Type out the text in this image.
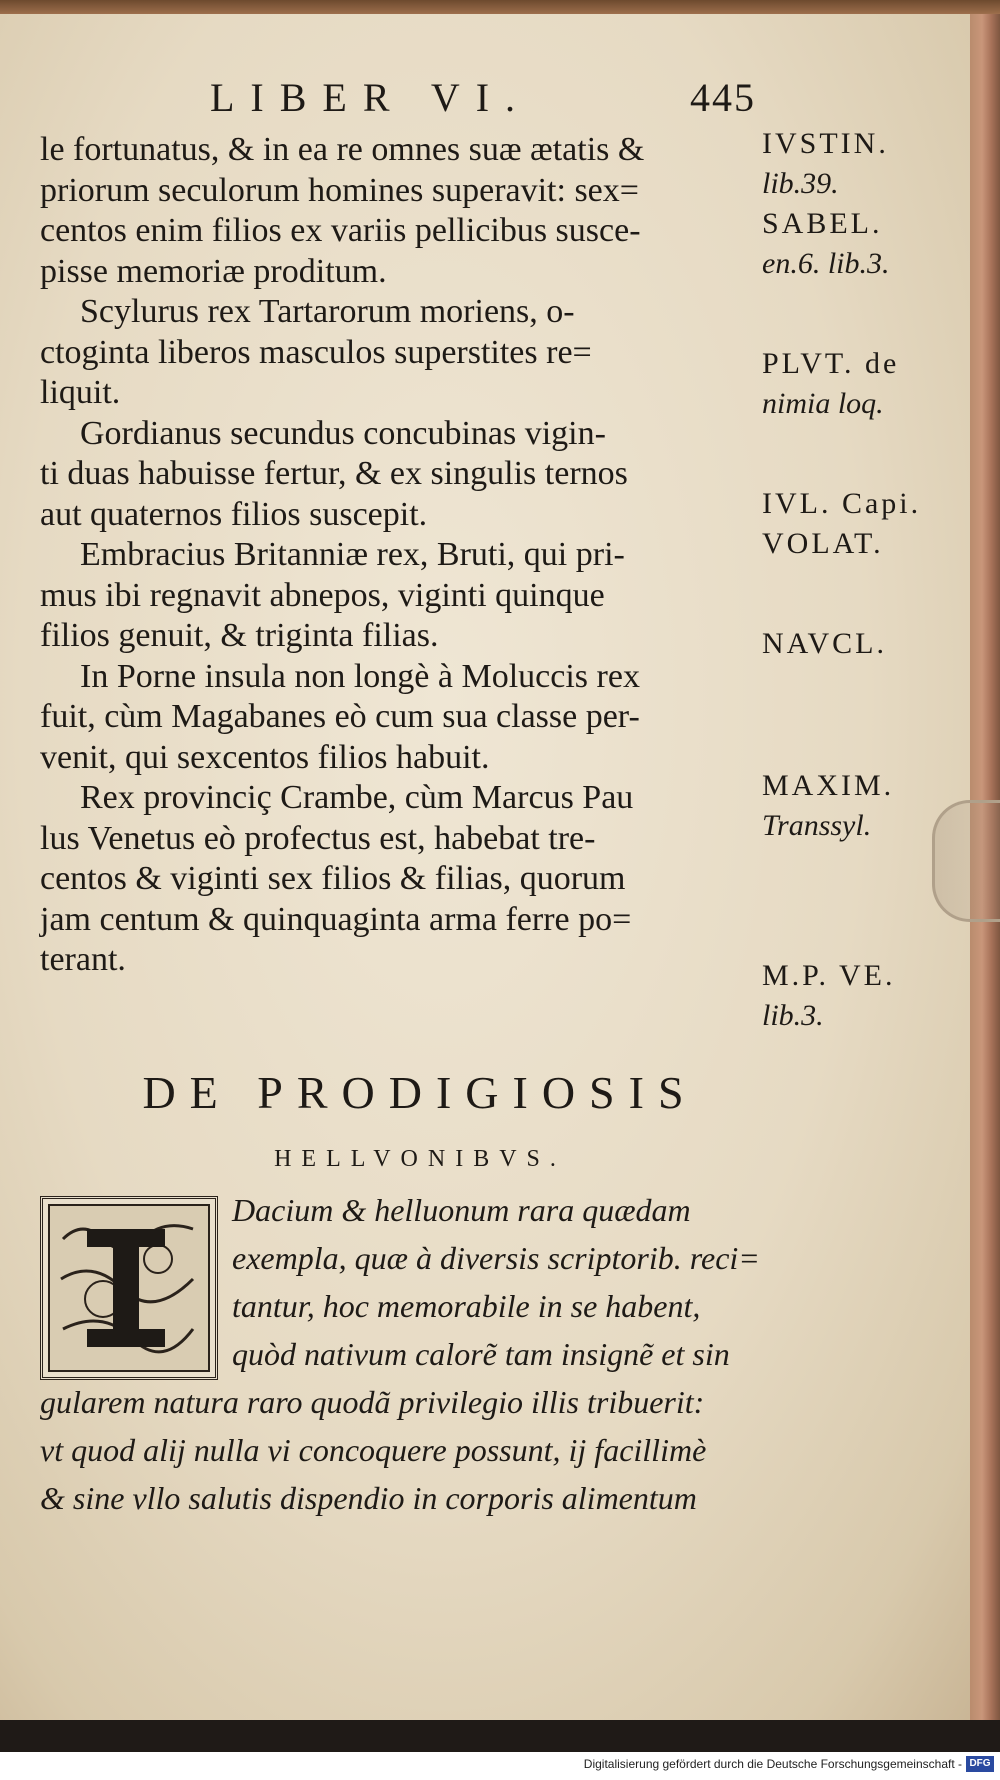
LIBER VI.	445
le fortunatus, & in ea re omnes suæ ætatis &
priorum seculorum homines superavit: sex=
centos enim filios ex variis pellicibus susce-
pisse memoriæ proditum.
Scylurus rex Tartarorum moriens, o-
ctoginta liberos masculos superstites re=
liquit.
Gordianus secundus concubinas vigin-
ti duas habuisse fertur, & ex singulis ternos
aut quaternos filios suscepit.
Embracius Britanniæ rex, Bruti, qui pri-
mus ibi regnavit abnepos, viginti quinque
filios genuit, & triginta filias.
In Porne insula non longè à Moluccis rex
fuit, cùm Magabanes eò cum sua classe per-
venit, qui sexcentos filios habuit.
Rex provinciç Crambe, cùm Marcus Pau
lus Venetus eò profectus est, habebat tre-
centos & viginti sex filios & filias, quorum
jam centum & quinquaginta arma ferre po=
terant.
IVSTIN.
lib.39.
SABEL.
en.6. lib.3.
PLVT. de
nimia loq.
IVL. Capi.
VOLAT.
NAVCL.
MAXIM.
Transsyl.
M.P. VE.
lib.3.
DE PRODIGIOSIS
HELLVONIBVS.
Dacium & helluonum rara quædam
exempla, quæ à diversis scriptorib. reci=
tantur, hoc memorabile in se habent,
quòd nativum calorẽ tam insignẽ et sin
gularem natura raro quodã privilegio illis tribuerit:
vt quod alij nulla vi concoquere possunt, ij facillimè
& sine vllo salutis dispendio in corporis alimentum
Digitalisierung gefördert durch die Deutsche Forschungsgemeinschaft - DFG
